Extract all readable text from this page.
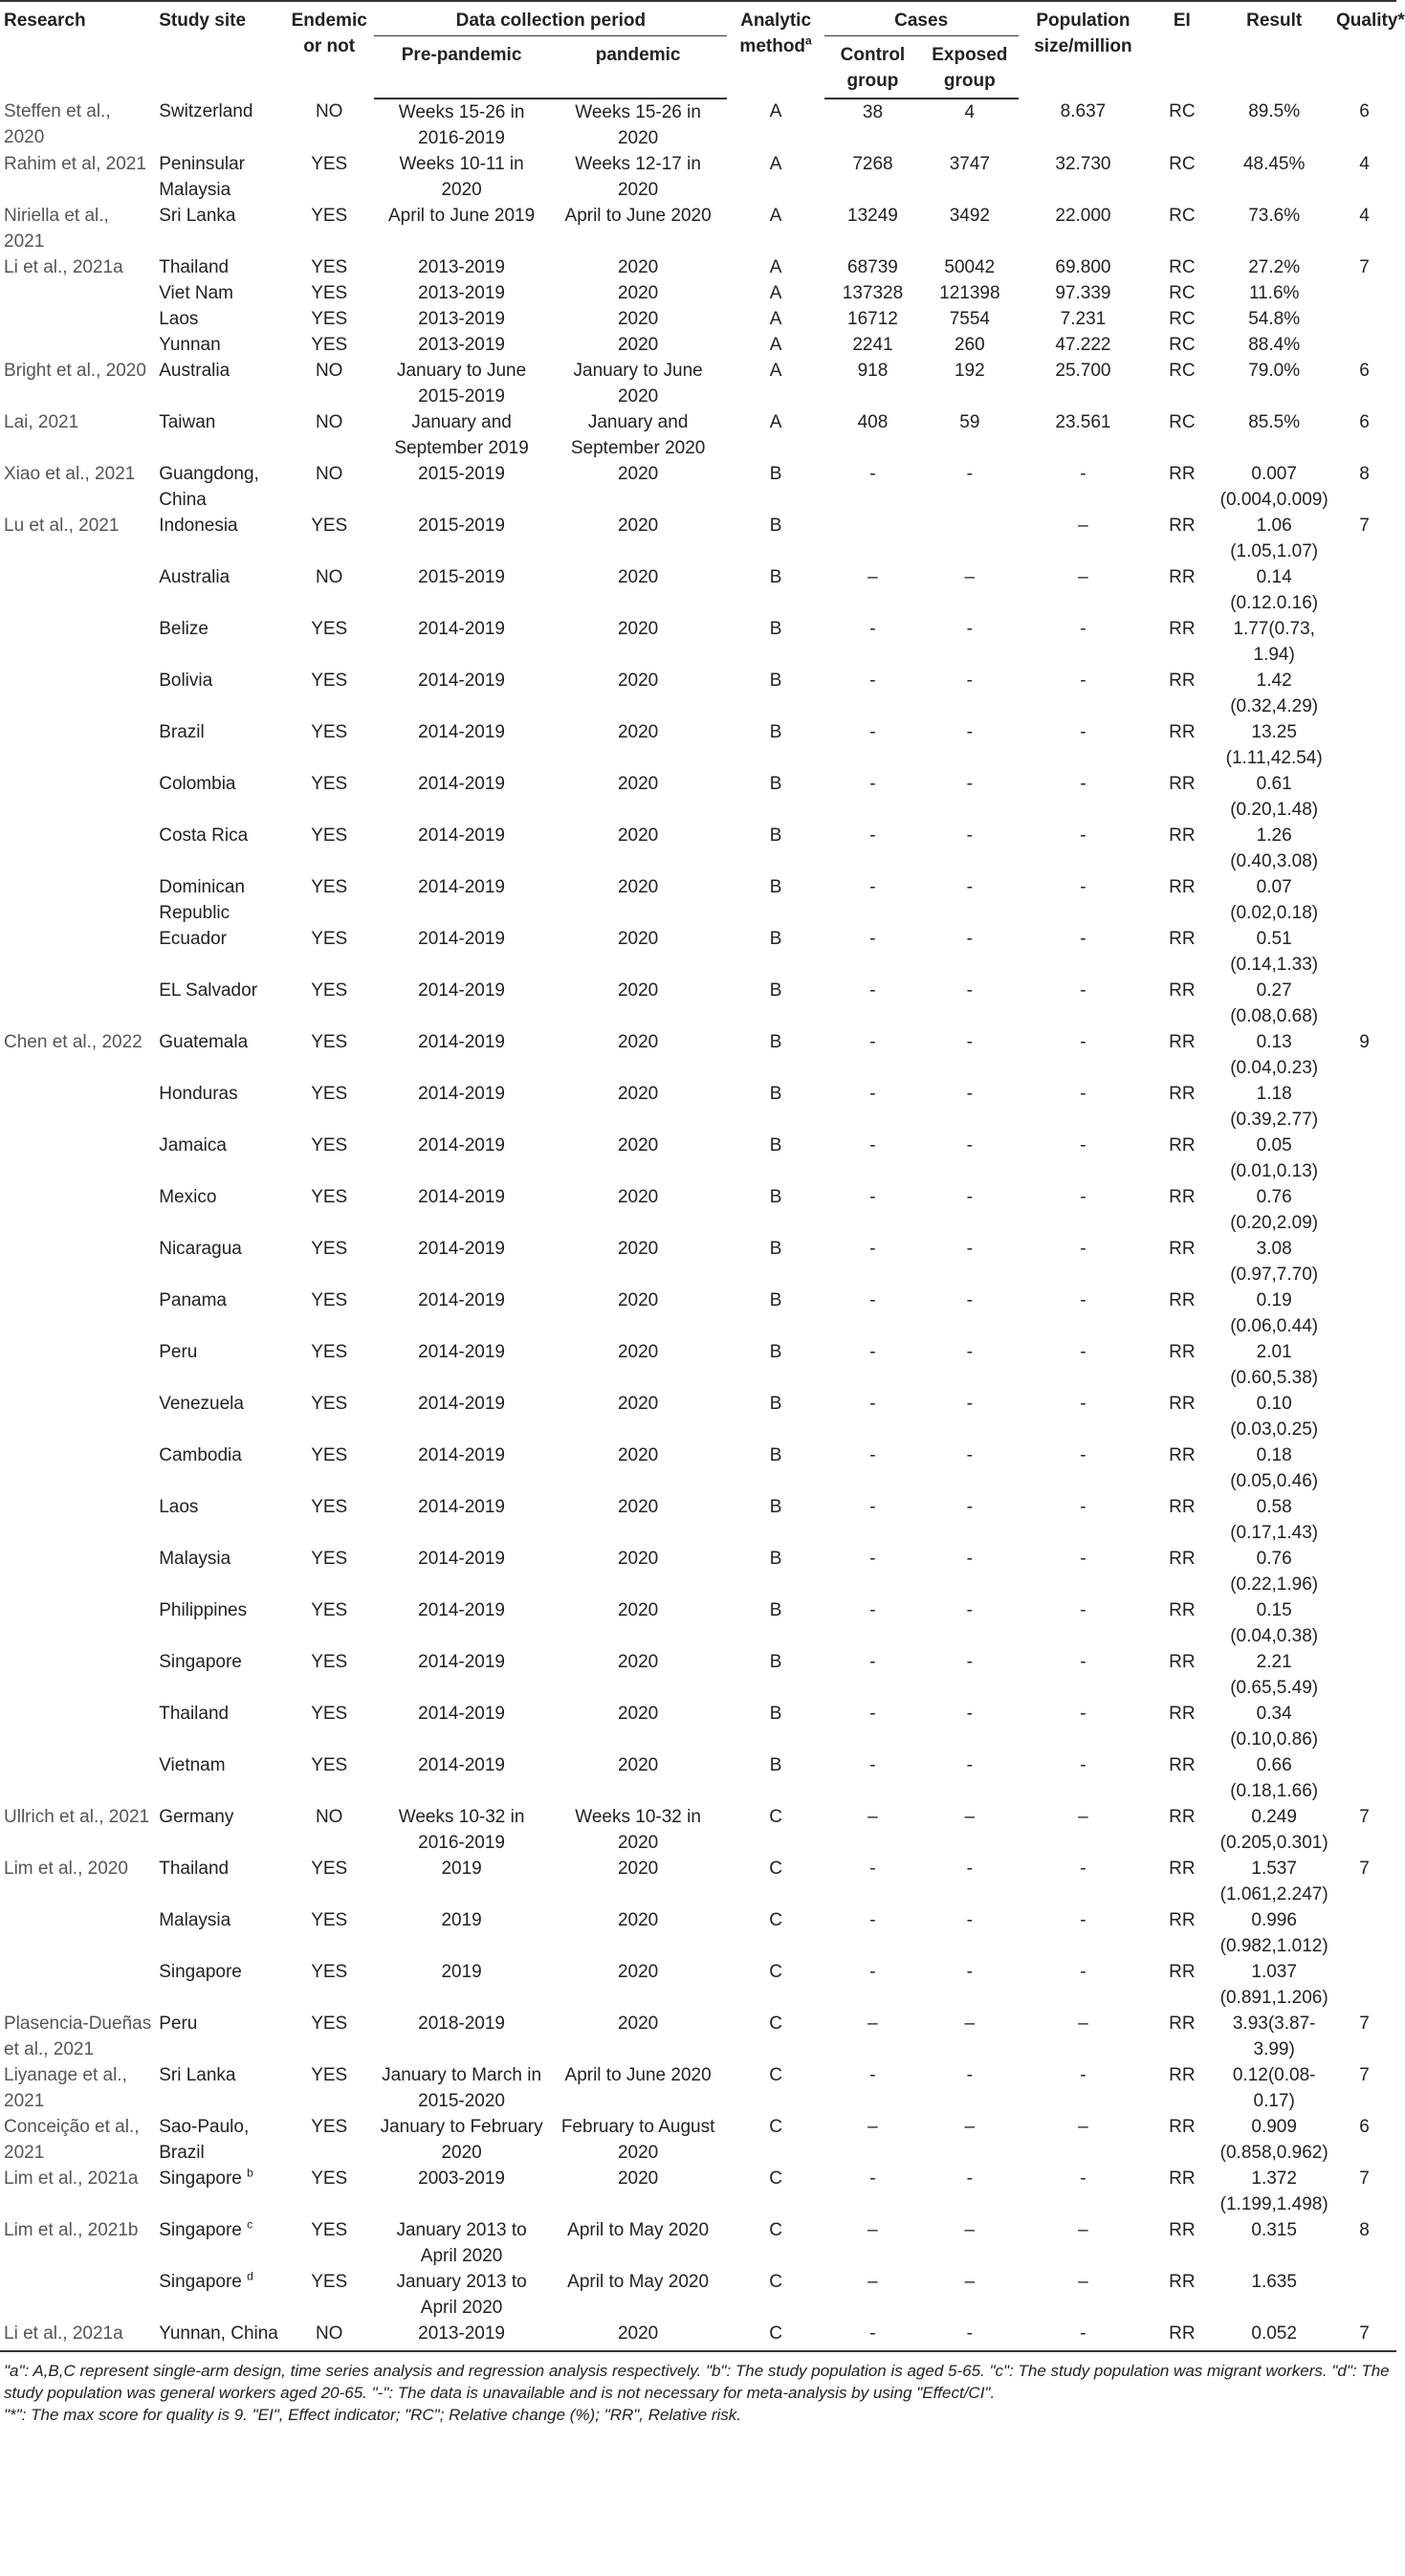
Research	Study site	Endemic or not	Data collection period		Analytic method$^a$	Cases		Population size/million	EI	Result	Quality*
			Pre-pandemic	pandemic		Control group	Exposed group				
Steffen et al., 2020	Switzerland	NO	Weeks 15-26 in 2016-2019	Weeks 15-26 in 2020	A	38	4	8.637	RC	89.5%	6
Rahim et al, 2021	Peninsular Malaysia	YES	Weeks 10-11 in 2020	Weeks 12-17 in 2020	A	7268	3747	32.730	RC	48.45%	4
Niriella et al., 2021	Sri Lanka	YES	April to June 2019	April to June 2020	A	13249	3492	22.000	RC	73.6%	4
Li et al., 2021a	Thailand	YES	2013-2019	2020	A	68739	50042	69.800	RC	27.2%	7
	Viet Nam	YES	2013-2019	2020	A	137328	121398	97.339	RC	11.6%	
	Laos	YES	2013-2019	2020	A	16712	7554	7.231	RC	54.8%	
	Yunnan	YES	2013-2019	2020	A	2241	260	47.222	RC	88.4%	
Bright et al., 2020	Australia	NO	January to June 2015-2019	January to June 2020	A	918	192	25.700	RC	79.0%	6
Lai, 2021	Taiwan	NO	January and September 2019	January and September 2020	A	408	59	23.561	RC	85.5%	6
Xiao et al., 2021	Guangdong, China	NO	2015-2019	2020	B	-	-	-	RR	0.007 (0.004,0.009)	8
Lu et al., 2021	Indonesia	YES	2015-2019	2020	B			–	RR	1.06 (1.05,1.07)	7
	Australia	NO	2015-2019	2020	B	–	–	–	RR	0.14 (0.12.0.16)	
	Belize	YES	2014-2019	2020	B	-	-	-	RR	1.77(0.73, 1.94)	
	Bolivia	YES	2014-2019	2020	B	-	-	-	RR	1.42 (0.32,4.29)	
	Brazil	YES	2014-2019	2020	B	-	-	-	RR	13.25 (1.11,42.54)	
	Colombia	YES	2014-2019	2020	B	-	-	-	RR	0.61 (0.20,1.48)	
	Costa Rica	YES	2014-2019	2020	B	-	-	-	RR	1.26 (0.40,3.08)	
	Dominican Republic	YES	2014-2019	2020	B	-	-	-	RR	0.07 (0.02,0.18)	
	Ecuador	YES	2014-2019	2020	B	-	-	-	RR	0.51 (0.14,1.33)	
	EL Salvador	YES	2014-2019	2020	B	-	-	-	RR	0.27 (0.08,0.68)	
Chen et al., 2022	Guatemala	YES	2014-2019	2020	B	-	-	-	RR	0.13 (0.04,0.23)	9
	Honduras	YES	2014-2019	2020	B	-	-	-	RR	1.18 (0.39,2.77)	
	Jamaica	YES	2014-2019	2020	B	-	-	-	RR	0.05 (0.01,0.13)	
	Mexico	YES	2014-2019	2020	B	-	-	-	RR	0.76 (0.20,2.09)	
	Nicaragua	YES	2014-2019	2020	B	-	-	-	RR	3.08 (0.97,7.70)	
	Panama	YES	2014-2019	2020	B	-	-	-	RR	0.19 (0.06,0.44)	
	Peru	YES	2014-2019	2020	B	-	-	-	RR	2.01 (0.60,5.38)	
	Venezuela	YES	2014-2019	2020	B	-	-	-	RR	0.10 (0.03,0.25)	
	Cambodia	YES	2014-2019	2020	B	-	-	-	RR	0.18 (0.05,0.46)	
	Laos	YES	2014-2019	2020	B	-	-	-	RR	0.58 (0.17,1.43)	
	Malaysia	YES	2014-2019	2020	B	-	-	-	RR	0.76 (0.22,1.96)	
	Philippines	YES	2014-2019	2020	B	-	-	-	RR	0.15 (0.04,0.38)	
	Singapore	YES	2014-2019	2020	B	-	-	-	RR	2.21 (0.65,5.49)	
	Thailand	YES	2014-2019	2020	B	-	-	-	RR	0.34 (0.10,0.86)	
	Vietnam	YES	2014-2019	2020	B	-	-	-	RR	0.66 (0.18,1.66)	
Ullrich et al., 2021	Germany	NO	Weeks 10-32 in 2016-2019	Weeks 10-32 in 2020	C	–	–	–	RR	0.249 (0.205,0.301)	7
Lim et al., 2020	Thailand	YES	2019	2020	C	-	-	-	RR	1.537 (1.061,2.247)	7
	Malaysia	YES	2019	2020	C	-	-	-	RR	0.996 (0.982,1.012)	
	Singapore	YES	2019	2020	C	-	-	-	RR	1.037 (0.891,1.206)	
Plasencia-Dueñas et al., 2021	Peru	YES	2018-2019	2020	C	–	–	–	RR	3.93(3.87-3.99)	7
Liyanage et al., 2021	Sri Lanka	YES	January to March in 2015-2020	April to June 2020	C	-	-	-	RR	0.12(0.08-0.17)	7
Conceição et al., 2021	Sao-Paulo, Brazil	YES	January to February 2020	February to August 2020	C	–	–	–	RR	0.909 (0.858,0.962)	6
Lim et al., 2021a	Singapore $^b$	YES	2003-2019	2020	C	-	-	-	RR	1.372 (1.199,1.498)	7
Lim et al., 2021b	Singapore $^c$	YES	January 2013 to April 2020	April to May 2020	C	–	–	–	RR	0.315	8
	Singapore $^d$	YES	January 2013 to April 2020	April to May 2020	C	–	–	–	RR	1.635	
Li et al., 2021a	Yunnan, China	NO	2013-2019	2020	C	-	-	-	RR	0.052	7

"a": A,B,C represent single-arm design, time series analysis and regression analysis respectively. "b": The study population is aged 5-65. "c": The study population was migrant workers. "d": The study population was general workers aged 20-65. "-": The data is unavailable and is not necessary for meta-analysis by using "Effect/CI".

"*": The max score for quality is 9. "EI", Effect indicator; "RC"; Relative change (%); "RR", Relative risk.
